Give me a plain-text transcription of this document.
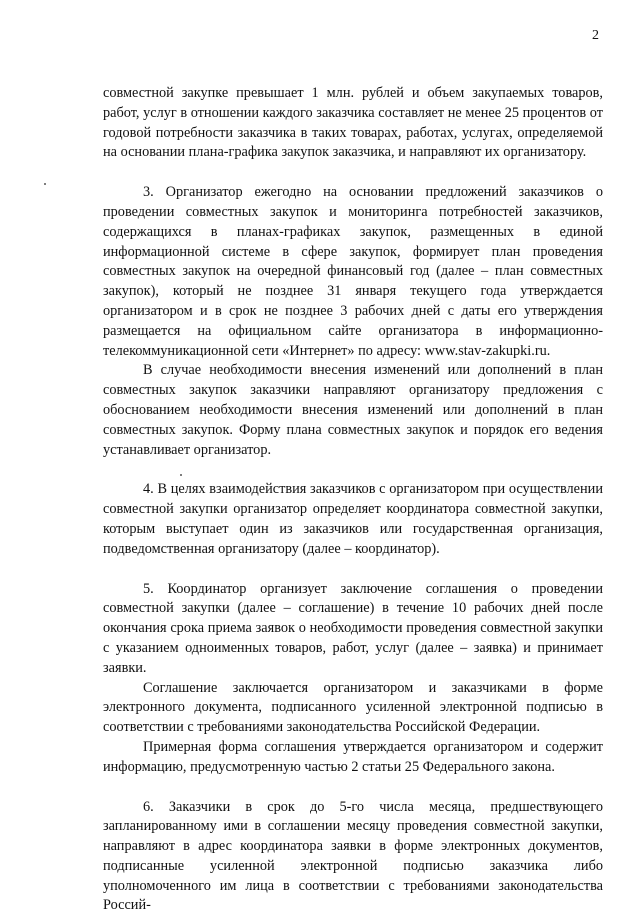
2

совместной закупке превышает 1 млн. рублей и объем закупаемых товаров, работ, услуг в отношении каждого заказчика составляет не менее 25 процентов от годовой потребности заказчика в таких товарах, работах, услугах, определяемой на основании плана-графика закупок заказчика, и направляют их организатору.

3. Организатор ежегодно на основании предложений заказчиков о проведении совместных закупок и мониторинга потребностей заказчиков, содержащихся в планах-графиках закупок, размещенных в единой информационной системе в сфере закупок, формирует план проведения совместных закупок на очередной финансовый год (далее – план совместных закупок), который не позднее 31 января текущего года утверждается организатором и в срок не позднее 3 рабочих дней с даты его утверждения размещается на официальном сайте организатора в информационно-телекоммуникационной сети «Интернет» по адресу: www.stav-zakupki.ru.

В случае необходимости внесения изменений или дополнений в план совместных закупок заказчики направляют организатору предложения с обоснованием необходимости внесения изменений или дополнений в план совместных закупок. Форму плана совместных закупок и порядок его ведения устанавливает организатор.

4. В целях взаимодействия заказчиков с организатором при осуществлении совместной закупки организатор определяет координатора совместной закупки, которым выступает один из заказчиков или государственная организация, подведомственная организатору (далее – координатор).

5. Координатор организует заключение соглашения о проведении совместной закупки (далее – соглашение) в течение 10 рабочих дней после окончания срока приема заявок о необходимости проведения совместной закупки с указанием одноименных товаров, работ, услуг (далее – заявка) и принимает заявки.

Соглашение заключается организатором и заказчиками в форме электронного документа, подписанного усиленной электронной подписью в соответствии с требованиями законодательства Российской Федерации.

Примерная форма соглашения утверждается организатором и содержит информацию, предусмотренную частью 2 статьи 25 Федерального закона.

6. Заказчики в срок до 5-го числа месяца, предшествующего запланированному ими в соглашении месяцу проведения совместной закупки, направляют в адрес координатора заявки в форме электронных документов, подписанные усиленной электронной подписью заказчика либо уполномоченного им лица в соответствии с требованиями законодательства Россий-
